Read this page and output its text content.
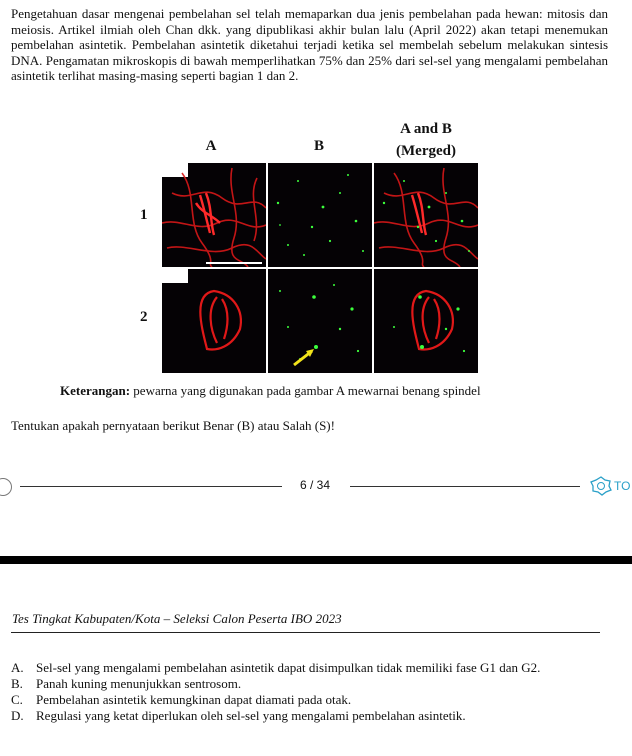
Pengetahuan dasar mengenai pembelahan sel telah memaparkan dua jenis pembelahan pada hewan: mitosis dan meiosis. Artikel ilmiah oleh Chan dkk. yang dipublikasi akhir bulan lalu (April 2022) akan tetapi menemukan pembelahan asintetik. Pembelahan asintetik diketahui terjadi ketika sel membelah sebelum melakukan sintesis DNA. Pengamatan mikroskopis di bawah memperlihatkan 75% dan 25% dari sel-sel yang mengalami pembelahan asintetik terlihat masing-masing seperti bagian 1 dan 2.

A	B
A and B
(Merged)
1
2
Keterangan: pewarna yang digunakan pada gambar A mewarnai benang spindel
Tentukan apakah pernyataan berikut Benar (B) atau Salah (S)!
6 / 34	TO
Tes Tingkat Kabupaten/Kota – Seleksi Calon Peserta IBO 2023
A. Sel-sel yang mengalami pembelahan asintetik dapat disimpulkan tidak memiliki fase G1 dan G2.
B.	Panah kuning menunjukkan sentrosom.
C.	Pembelahan asintetik kemungkinan dapat diamati pada otak.
D. Regulasi yang ketat diperlukan oleh sel-sel yang mengalami pembelahan asintetik.
